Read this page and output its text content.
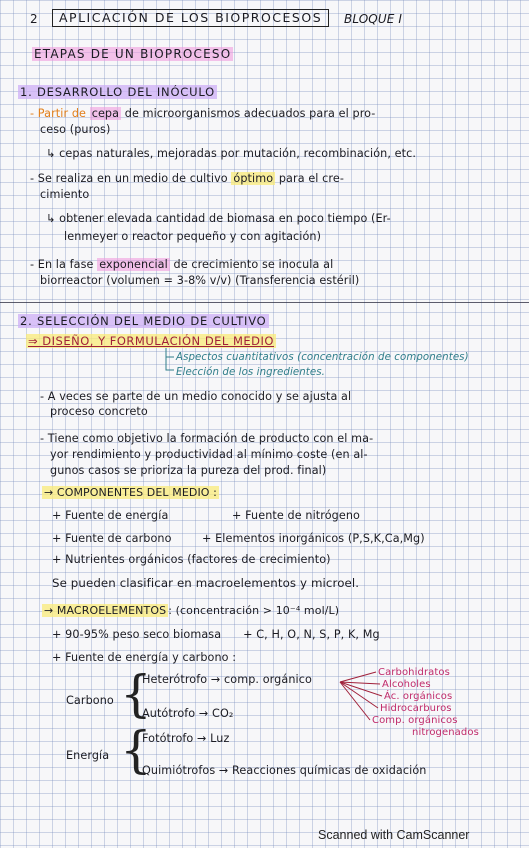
2	APLICACIÓN DE LOS BIOPROCESOS	BLOQUE I
ETAPAS DE UN BIOPROCESO
1. DESARROLLO DEL INÓCULO
- Partir de cepa de microorganismos adecuados para el pro-
ceso (puros)
↳ cepas naturales, mejoradas por mutación, recombinación, etc.
- Se realiza en un medio de cultivo óptimo para el cre-
cimiento
↳ obtener elevada cantidad de biomasa en poco tiempo (Er-
lenmeyer o reactor pequeño y con agitación)
- En la fase exponencial de crecimiento se inocula al
biorreactor (volumen = 3-8% v/v) (Transferencia estéril)
2. SELECCIÓN DEL MEDIO DE CULTIVO
⇒ DISEÑO, Y FORMULACIÓN DEL MEDIO
Aspectos cuantitativos (concentración de componentes)
Elección de los ingredientes.
- A veces se parte de un medio conocido y se ajusta al
proceso concreto
- Tiene como objetivo la formación de producto con el ma-
yor rendimiento y productividad al mínimo coste (en al-
gunos casos se prioriza la pureza del prod. final)
→ COMPONENTES DEL MEDIO :
+ Fuente de energía	+ Fuente de nitrógeno
+ Fuente de carbono	+ Elementos inorgánicos (P,S,K,Ca,Mg)
+ Nutrientes orgánicos (factores de crecimiento)
Se pueden clasificar en macroelementos y microel.
→ MACROELEMENTOS : (concentración > 10⁻⁴ mol/L)
+ 90-95% peso seco biomasa      + C, H, O, N, S, P, K, Mg
+ Fuente de energía y carbono :
Carbono {
Heterótrofo → comp. orgánico
Autótrofo → CO₂
Carbohidratos
Alcoholes
Ác. orgánicos
Hidrocarburos
Comp. orgánicos
nitrogenados
Energía {
Fotótrofo → Luz
Quimiótrofos → Reacciones químicas de oxidación
Scanned with CamScanner
